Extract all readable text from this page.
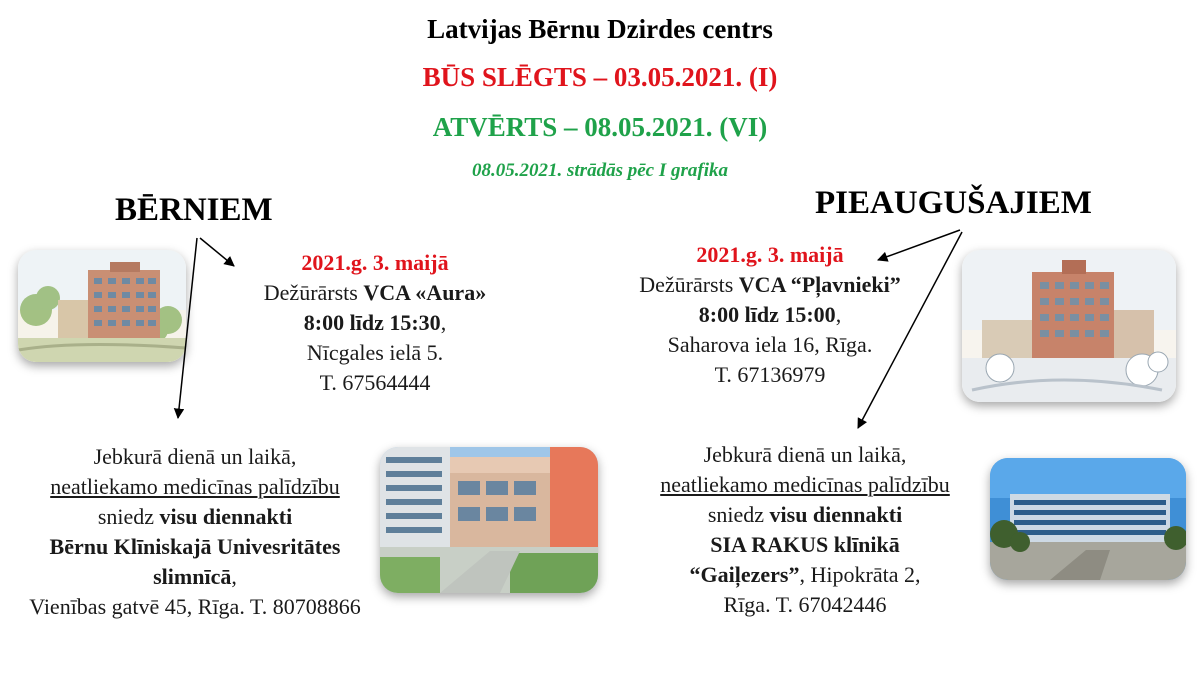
Latvijas Bērnu Dzirdes centrs
BŪS SLĒGTS – 03.05.2021. (I)
ATVĒRTS – 08.05.2021. (VI)
08.05.2021. strādās pēc I grafika
BĒRNIEM	PIEAUGUŠAJIEM
2021.g. 3. maijā
Dežūrārsts VCA «Aura»
8:00 līdz 15:30,
Nīcgales ielā 5.
T. 67564444
2021.g. 3. maijā
Dežūrārsts VCA “Pļavnieki”
8:00 līdz 15:00,
Saharova iela 16, Rīga.
T. 67136979
Jebkurā dienā un laikā,
neatliekamo medicīnas palīdzību
sniedz visu diennakti
Bērnu Klīniskajā Univesritātes
slimnīcā,
Vienības gatvē 45, Rīga. T. 80708866
Jebkurā dienā un laikā,
neatliekamo medicīnas palīdzību
sniedz visu diennakti
SIA RAKUS klīnikā
“Gaiļezers”, Hipokrāta 2,
Rīga. T. 67042446
